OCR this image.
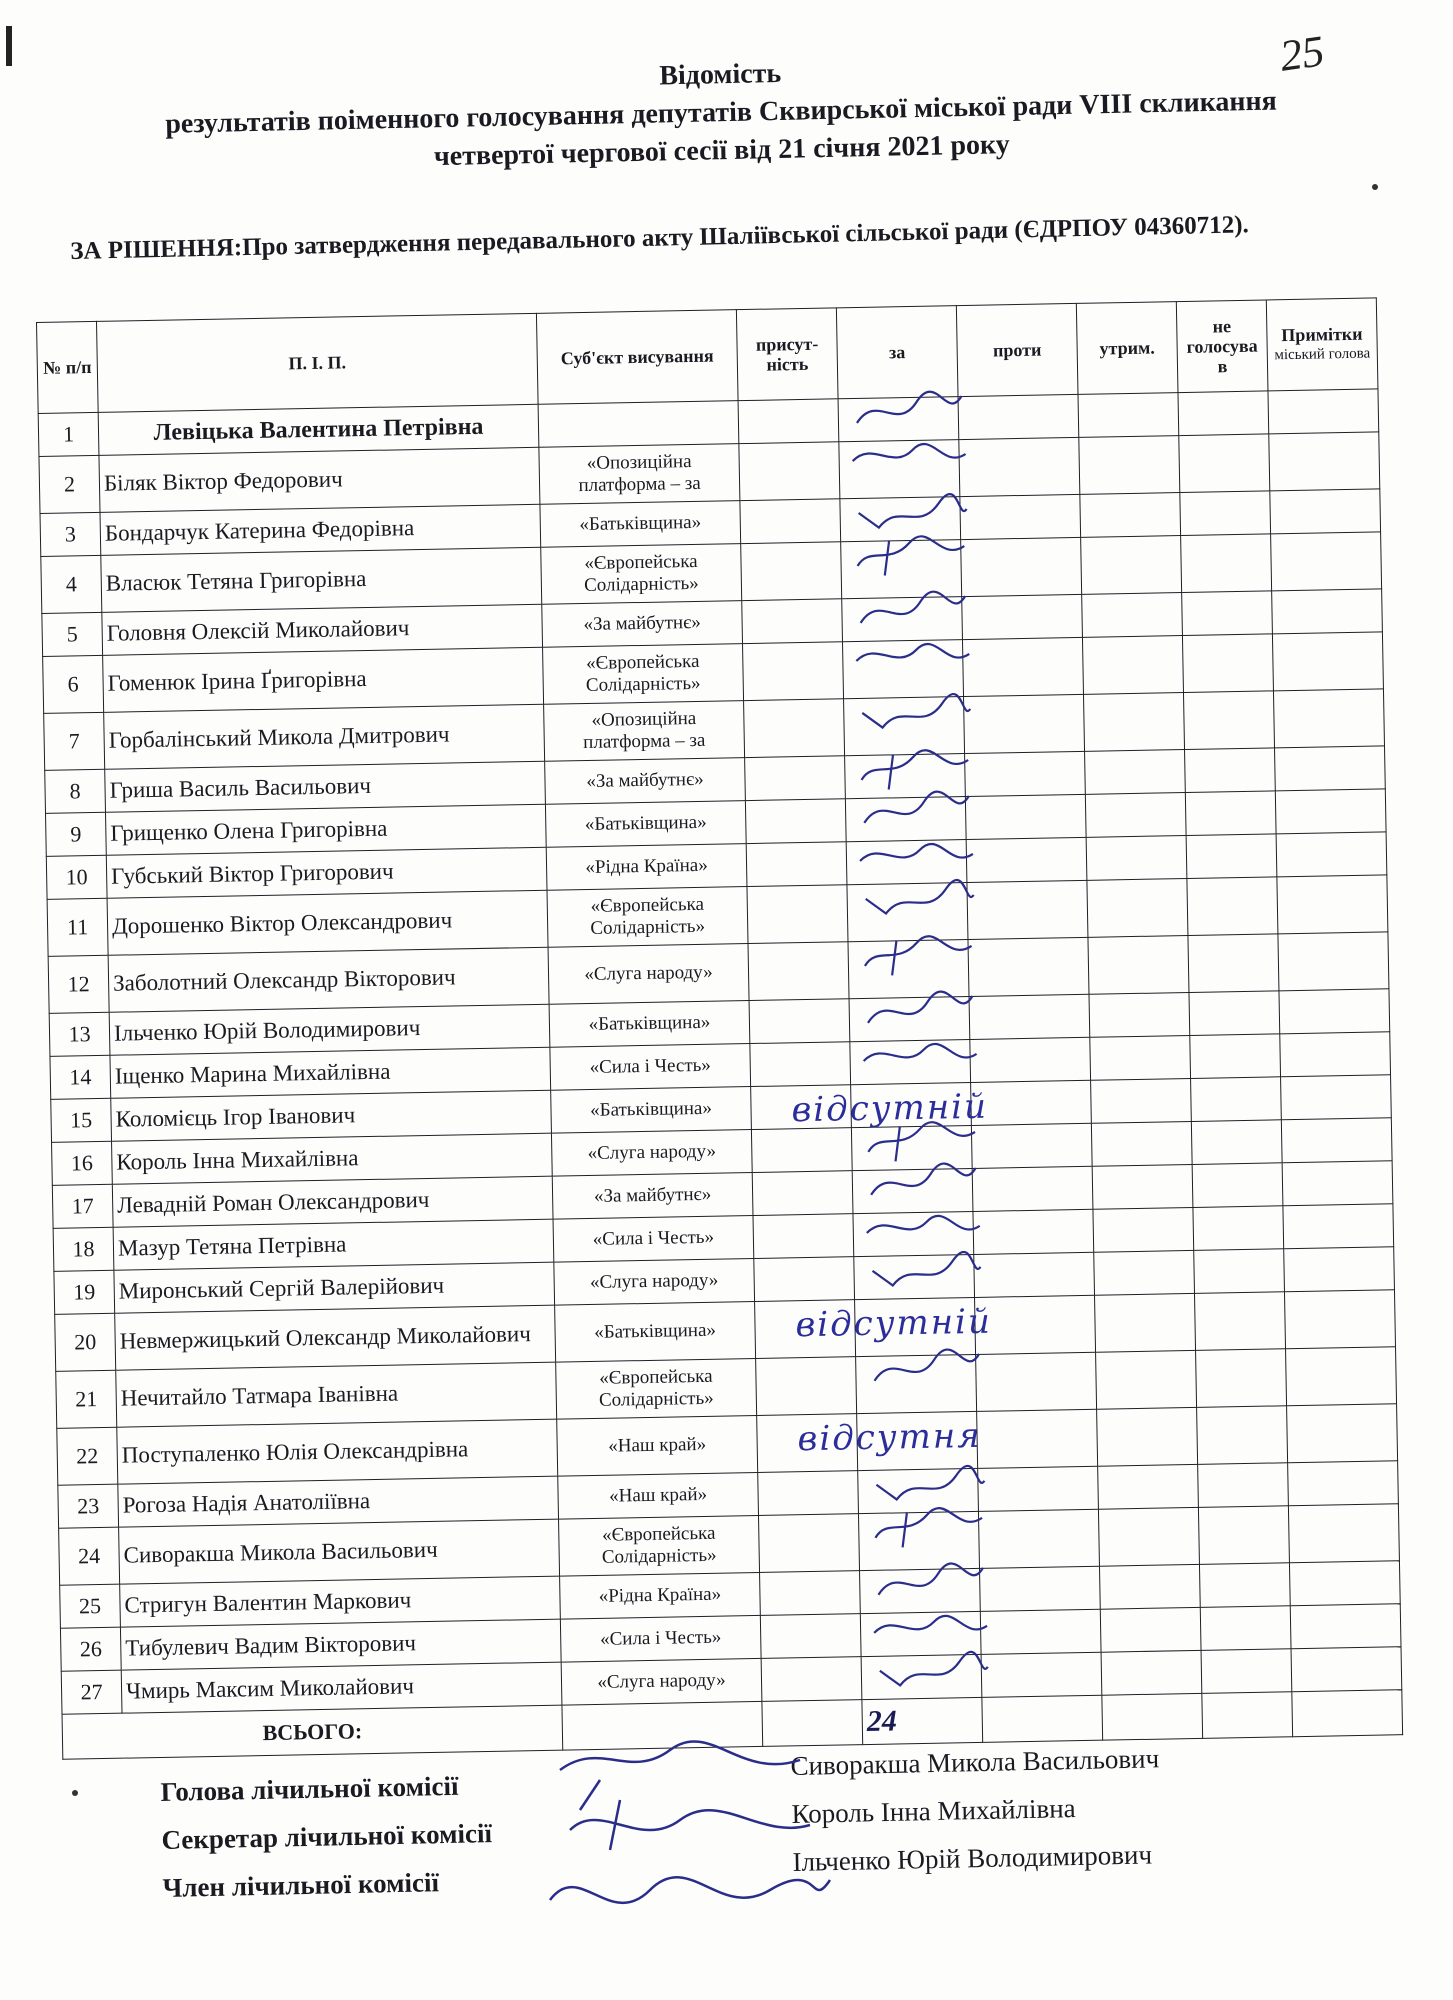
25
Відомість
результатів поіменного голосування депутатів Сквирської міської ради VIII скликання
четвертої чергової сесії від 21 січня 2021 року
ЗА РІШЕННЯ:Про затвердження передавального акту Шаліївської сільської ради (ЄДРПОУ 04360712).
№ п/п	П. І. П.	Суб'єкт висування	присут-ність	за	проти	утрим.	не голосува в	Примітки
міський голова

1	Левіцька Валентина Петрівна			

2	Біляк Віктор Федорович	«Опозиційна платформа – за		

3	Бондарчук Катерина Федорівна	«Батьківщина»		

4	Власюк Тетяна Григорівна	«Європейська Солідарність»		

5	Головня Олексій Миколайович	«За майбутнє»		

6	Гоменюк Ірина Ґригорівна	«Європейська Солідарність»		

7	Горбалінський Микола Дмитрович	«Опозиційна платформа – за		

8	Гриша Василь Васильович	«За майбутнє»		

9	Грищенко Олена Григорівна	«Батьківщина»		

10	Губський Віктор Григорович	«Рідна Країна»		

11	Дорошенко Віктор Олександрович	«Європейська Солідарність»		

12	Заболотний Олександр Вікторович	«Слуга народу»		

13	Ільченко Юрій Володимирович	«Батьківщина»		

14	Іщенко Марина Михайлівна	«Сила і Честь»		

15	Коломієць Ігор Іванович	«Батьківщина»		відсутній				

16	Король Інна Михайлівна	«Слуга народу»		

17	Левадній Роман Олександрович	«За майбутнє»		

18	Мазур Тетяна Петрівна	«Сила і Честь»		

19	Миронський Сергій Валерійович	«Слуга народу»		

20	Невмержицький Олександр Миколайович	«Батьківщина»		відсутній				

21	Нечитайло Татмара Іванівна	«Європейська Солідарність»		

22	Поступаленко Юлія Олександрівна	«Наш край»		відсутня				

23	Рогоза Надія Анатоліївна	«Наш край»		

24	Сиворакша Микола Васильович	«Європейська Солідарність»		

25	Стригун Валентин Маркович	«Рідна Країна»		

26	Тибулевич Вадим Вікторович	«Сила і Честь»		

27	Чмирь Максим Миколайович	«Слуга народу»		

ВСЬОГО:				24				
Голова лічильної комісії
Секретар лічильної комісії
Член лічильної комісії
Сиворакша Микола Васильович
Король Інна Михайлівна
Ільченко Юрій Володимирович
